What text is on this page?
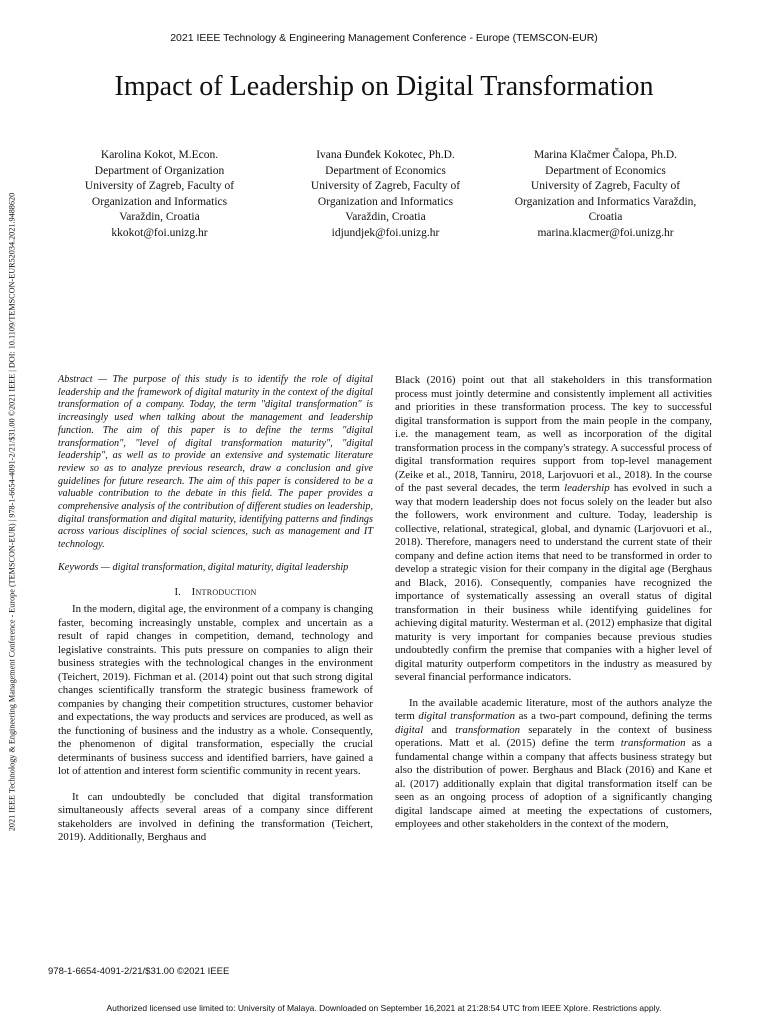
2021 IEEE Technology & Engineering Management Conference - Europe (TEMSCON-EUR)
Impact of Leadership on Digital Transformation
Karolina Kokot, M.Econ.
Department of Organization
University of Zagreb, Faculty of
Organization and Informatics
Varaždin, Croatia
kkokot@foi.unizg.hr
Ivana Đunđek Kokotec, Ph.D.
Department of Economics
University of Zagreb, Faculty of
Organization and Informatics
Varaždin, Croatia
idjundjek@foi.unizg.hr
Marina Klačmer Čalopa, Ph.D.
Department of Economics
University of Zagreb, Faculty of
Organization and Informatics Varaždin,
Croatia
marina.klacmer@foi.unizg.hr
2021 IEEE Technology & Engineering Management Conference - Europe (TEMSCON-EUR) | 978-1-6654-4091-2/21/$31.00 ©2021 IEEE | DOI: 10.1109/TEMSCON-EUR52034.2021.9488620	Abstract — The purpose of this study is to identify the role of digital leadership and the framework of digital maturity in the context of the digital transformation of a company. Today, the term "digital transformation" is increasingly used when talking about the management and leadership function. The aim of this paper is to define the terms "digital transformation", "level of digital transformation maturity", "digital leadership", as well as to provide an extensive and systematic literature review so as to analyze previous research, draw a conclusion and give guidelines for future research. The aim of this paper is considered to be a valuable contribution to the debate in this field. The paper provides a comprehensive analysis of the contribution of different studies on leadership, digital transformation and digital maturity, identifying patterns and findings across various disciplines of social sciences, such as management and IT technology.

Keywords — digital transformation, digital maturity, digital leadership

I. Introduction

In the modern, digital age, the environment of a company is changing faster, becoming increasingly unstable, complex and uncertain as a result of rapid changes in competition, demand, technology and legislative constraints. This puts pressure on companies to align their business strategies with the technological changes in the environment (Teichert, 2019). Fichman et al. (2014) point out that such strong digital changes scientifically transform the strategic business framework of companies by changing their competition structures, customer behavior and expectations, the way products and services are produced, as well as the functioning of business and the industry as a whole. Consequently, the phenomenon of digital transformation, especially the crucial determinants of business success and identified barriers, have gained a lot of attention and interest form scientific community in recent years.

It can undoubtedly be concluded that digital transformation simultaneously affects several areas of a company since different stakeholders are involved in defining the transformation (Teichert, 2019). Additionally, Berghaus and

Black (2016) point out that all stakeholders in this transformation process must jointly determine and consistently implement all activities and priorities in these transformation process. The key to successful digital transformation is support from the main people in the company, i.e. the management team, as well as incorporation of the digital transformation process in the company's strategy. A successful process of digital transformation requires support from top-level management (Zeike et al., 2018, Tanniru, 2018, Larjovuori et al., 2018). In the course of the past several decades, the term leadership has evolved in such a way that modern leadership does not focus solely on the leader but also the followers, work environment and culture. Today, leadership is collective, relational, strategical, global, and dynamic (Larjovuori et al., 2018). Therefore, managers need to understand the current state of their company and define action items that need to be transformed in order to develop a strategic vision for their company in the digital age (Berghaus and Black, 2016). Consequently, companies have recognized the importance of systematically assessing an overall status of digital transformation in their business while identifying guidelines for achieving digital maturity. Westerman et al. (2012) emphasize that digital maturity is very important for companies because previous studies undoubtedly confirm the premise that companies with a higher level of digital maturity outperform competitors in the industry as measured by several financial performance indicators.

In the available academic literature, most of the authors analyze the term digital transformation as a two-part compound, defining the terms digital and transformation separately in the context of business operations. Matt et al. (2015) define the term transformation as a fundamental change within a company that affects business strategy but also the distribution of power. Berghaus and Black (2016) and Kane et al. (2017) additionally explain that digital transformation itself can be seen as an ongoing process of adoption of a significantly changing digital landscape aimed at meeting the expectations of customers, employees and other stakeholders in the context of the modern,

978-1-6654-4091-2/21/$31.00 ©2021 IEEE
Authorized licensed use limited to: University of Malaya. Downloaded on September 16,2021 at 21:28:54 UTC from IEEE Xplore. Restrictions apply.
